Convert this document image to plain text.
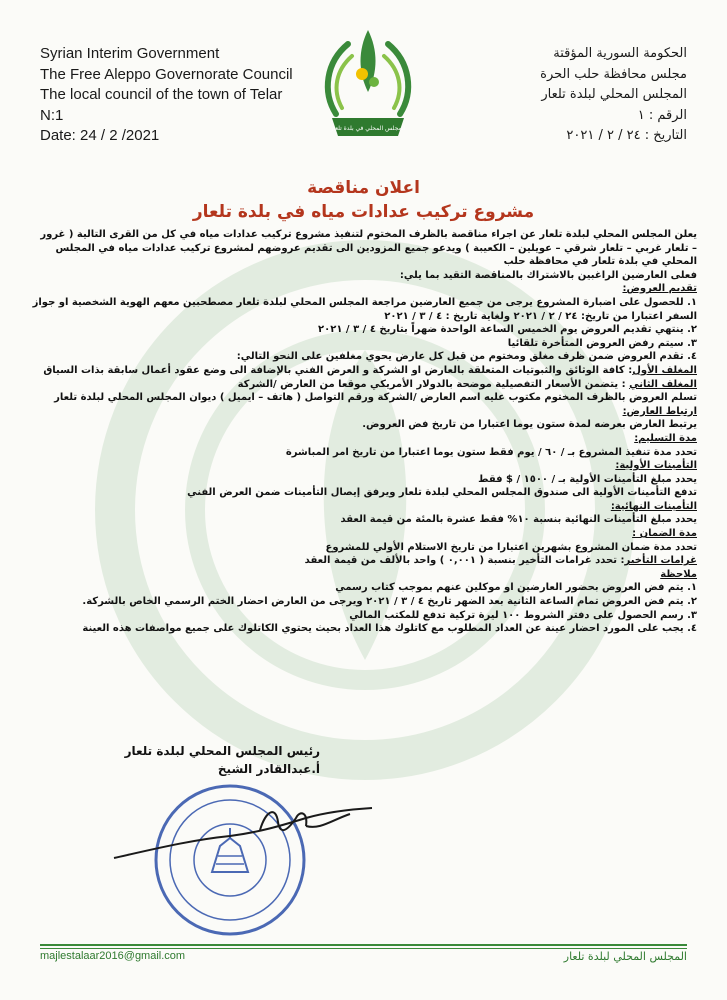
Syrian Interim Government
The Free Aleppo Governorate Council
The local council of the town of Telar
N:1
Date: 24 / 2 /2021	المجلس المحلي في بلدة تلعار
الحكومة السورية المؤقتة
مجلس محافظة حلب الحرة
المجلس المحلي لبلدة تلعار
الرقم : ١
التاريخ : ٢٤ / ٢ / ٢٠٢١
اعلان مناقصة
مشروع تركيب عدادات مياه في بلدة تلعار

يعلن المجلس المحلي لبلدة تلعار عن اجراء مناقصة بالظرف المختوم لتنفيذ مشروع تركيب عدادات مياه في كل من القرى التالية ( غرور – تلعار غربي – تلعار شرقي – عويلين – الكعيبة ) ويدعو جميع المزودين الى تقديم عروضهم لمشروع تركيب عدادات مياه في المجلس المحلي في بلدة تلعار في محافظة حلب

فعلى العارضين الراغبين بالاشتراك بالمناقصة التقيد بما يلي:

تقديم العروض:

١. للحصول على اضبارة المشروع يرجى من جميع العارضين مراجعة المجلس المحلي لبلدة تلعار مصطحبين معهم الهوية الشخصية او جواز السفر اعتبارا من تاريخ: ٢٤ / ٢ / ٢٠٢١ ولغاية تاريخ : ٤ / ٣ / ٢٠٢١

٢. ينتهي تقديم العروض يوم الخميس الساعة الواحدة ضهراً بتاريخ ٤ / ٣ / ٢٠٢١

٣. سيتم رفض العروض المتأخرة تلقائيا

٤. تقدم العروض ضمن ظرف مغلق ومختوم من قبل كل عارض يحوي مغلفين على النحو التالي:

المغلف الأول: كافة الوثائق والثبوتيات المتعلقة بالعارض او الشركة و العرض الفني بالإضافة الى وضع عقود أعمال سابقة بذات السياق

المغلف الثاني : يتضمن الأسعار التفصيلية موضحة بالدولار الأمريكي موقعا من العارض /الشركة

تسلم العروض بالظرف المختوم مكتوب عليه اسم العارض /الشركة ورقم التواصل ( هاتف – ايميل ) ديوان المجلس المحلي لبلدة تلعار

ارتباط العارض:

يرتبط العارض بعرضه لمدة ستون يوما اعتبارا من تاريخ فض العروض.

مدة التسليم:

تحدد مدة تنفيذ المشروع بـ / ٦٠ / يوم فقط ستون يوما اعتبارا من تاريخ امر المباشرة

التأمينات الأولية:

يحدد مبلغ التأمينات الأولية بـ / ١٥٠٠ / $ فقط

تدفع التأمينات الأولية الى صندوق المجلس المحلي لبلدة تلعار ويرفق إيصال التأمينات ضمن العرض الفني

التأمينات النهائية:

يحدد مبلغ التأمينات النهائية بنسبة ١٠% فقط عشرة بالمئة من قيمة العقد

مدة الضمان :

تحدد مدة ضمان المشروع بشهرين اعتبارا من تاريخ الاستلام الأولي للمشروع

غرامات التأخير: تحدد غرامات التأخير بنسبة ( ٠,٠٠١ ) واحد بالألف من قيمة العقد

ملاحظة

١. يتم فض العروض بحضور العارضين او موكلين عنهم بموجب كتاب رسمي

٢. يتم فض العروض تمام الساعة الثانية بعد الضهر تاريخ ٤ / ٣ / ٢٠٢١ ويرجى من العارض احضار الختم الرسمي الخاص بالشركة.

٣. رسم الحصول على دفتر الشروط ١٠٠ ليرة تركية تدفع للمكتب المالي

٤. يجب على المورد احضار عينة عن العداد المطلوب مع كاتلوك هذا العداد بحيث يحتوي الكاتلوك على جميع مواصفات هذه العينة

رئيس المجلس المحلي لبلدة تلعار
أ.عبدالقادر الشيخ
majlestalaar2016@gmail.com	المجلس المحلي لبلدة تلعار
